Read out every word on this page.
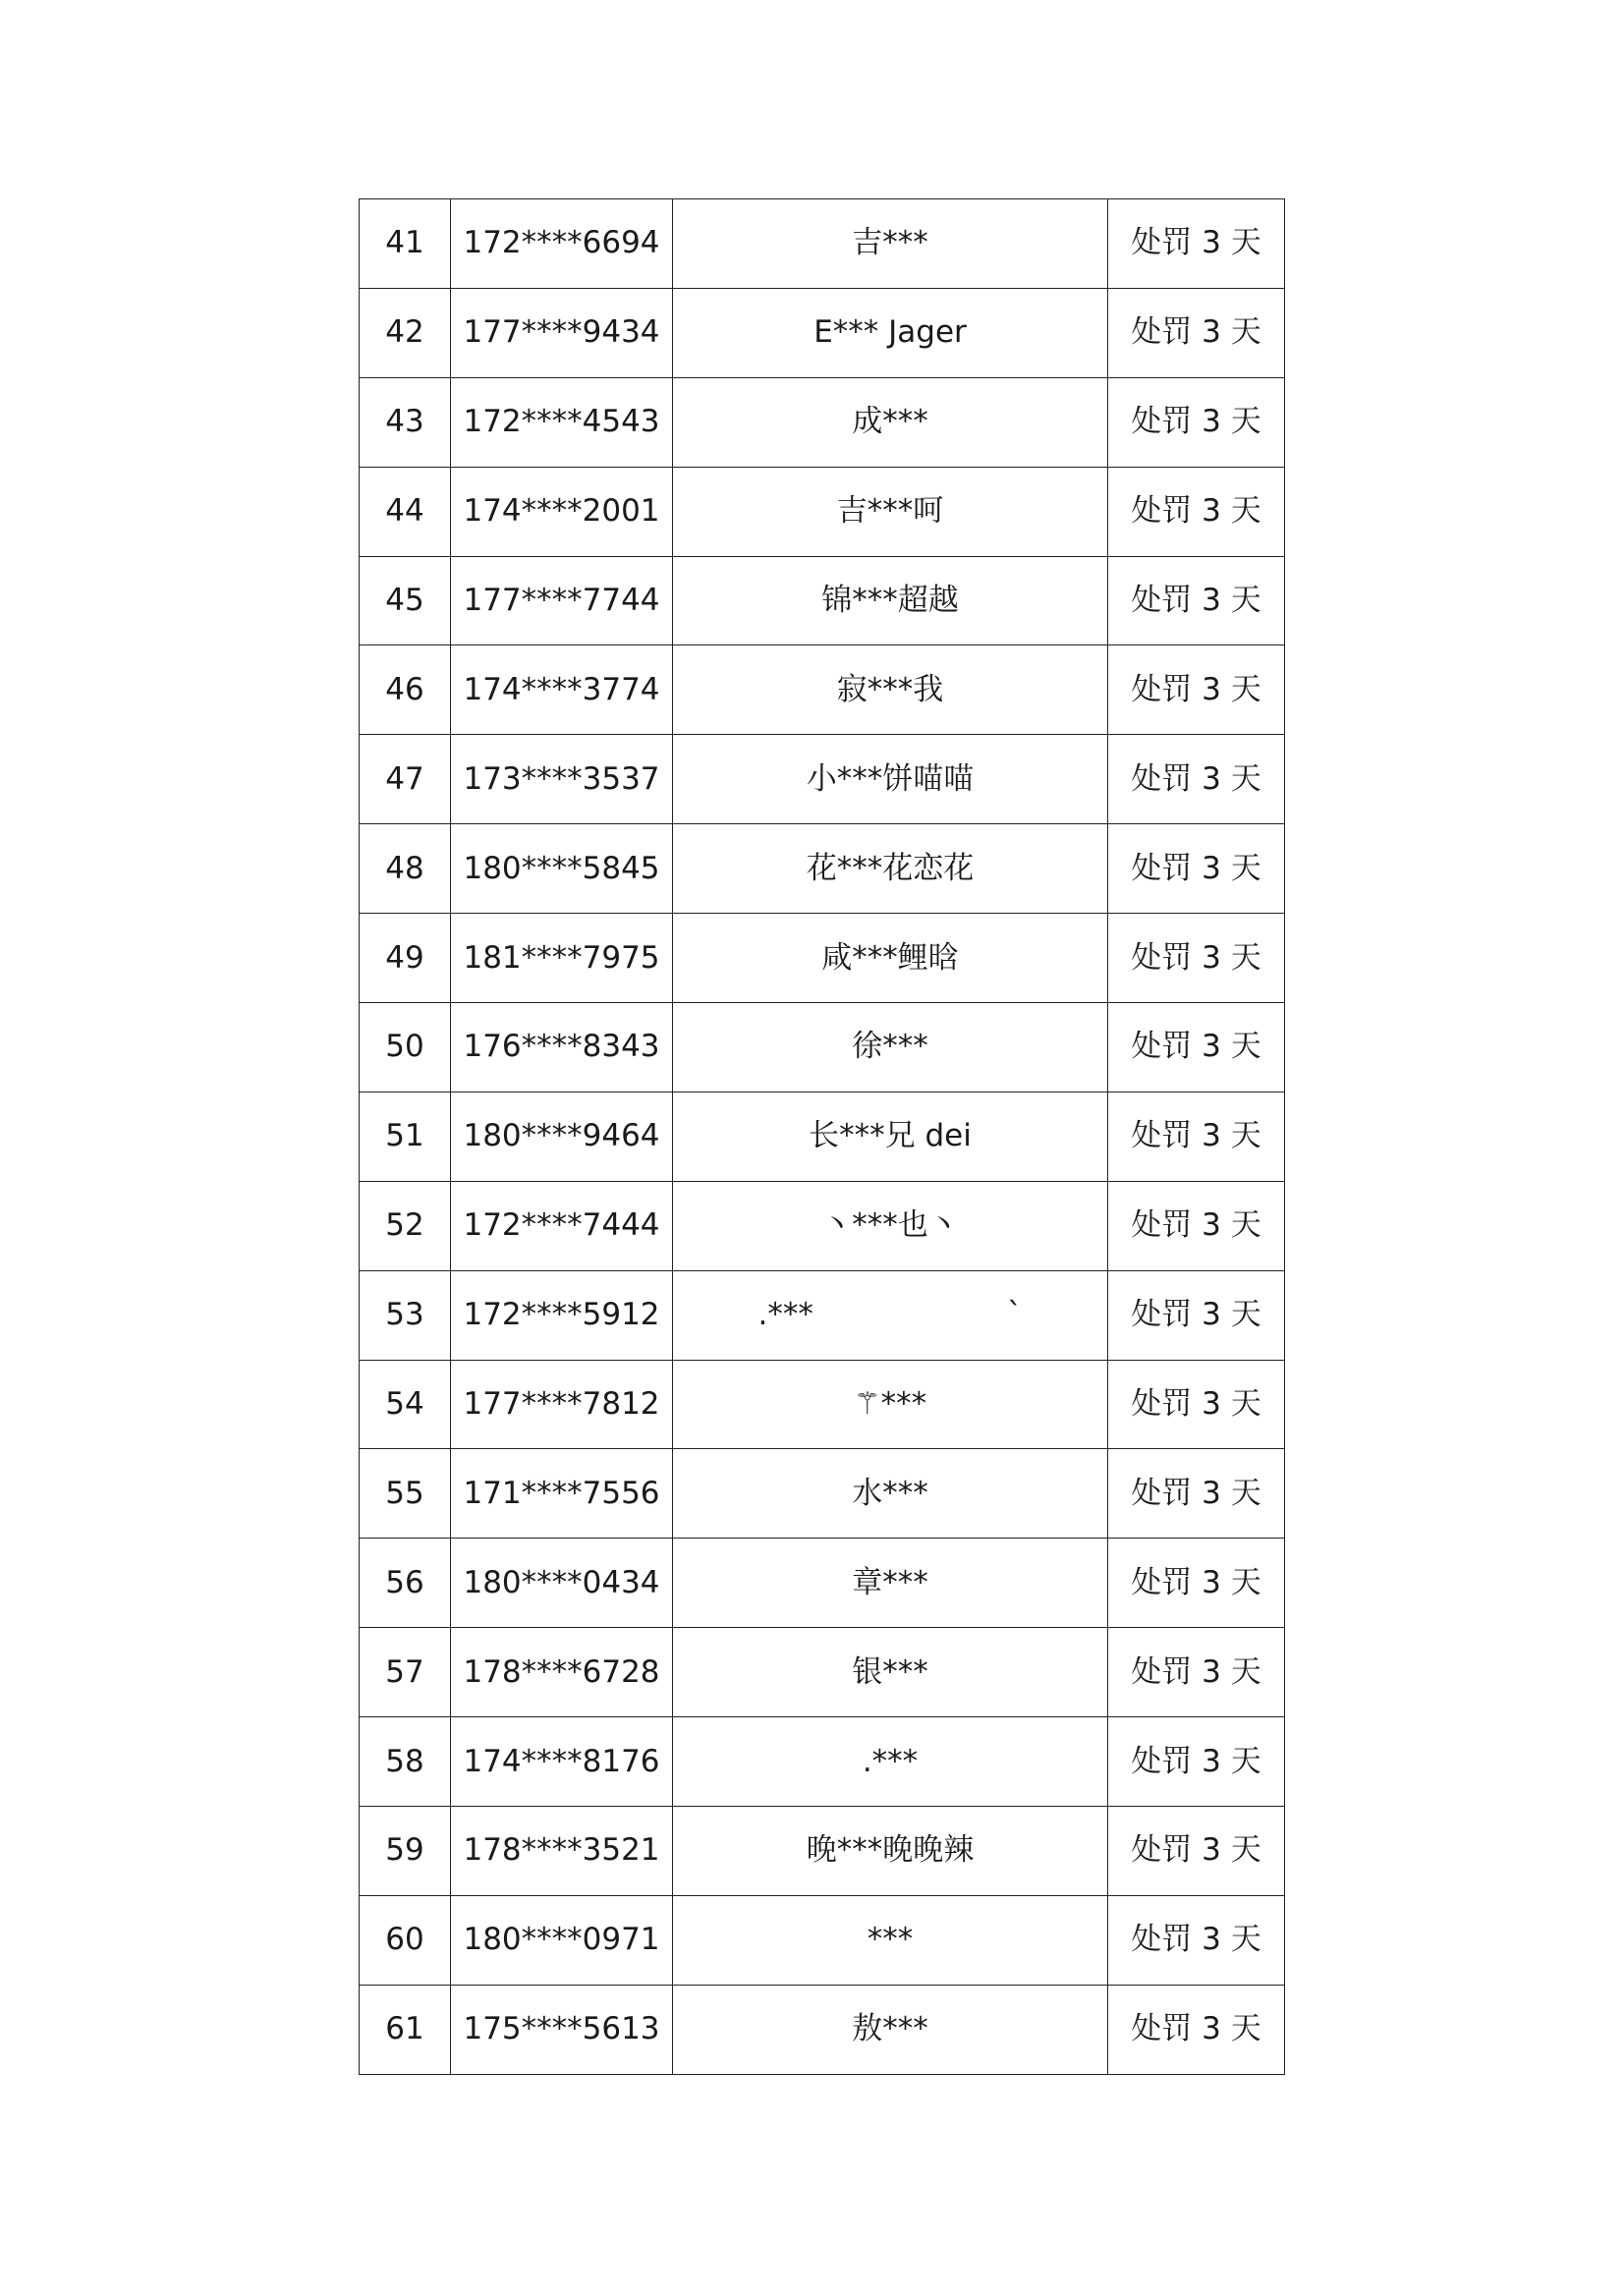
41	172****6694	吉***	处罚 3 天
42	177****9434	E*** Jager	处罚 3 天
43	172****4543	成***	处罚 3 天
44	174****2001	吉***呵	处罚 3 天
45	177****7744	锦***超越	处罚 3 天
46	174****3774	寂***我	处罚 3 天
47	173****3537	小***饼喵喵	处罚 3 天
48	180****5845	花***花恋花	处罚 3 天
49	181****7975	咸***鲤晗	处罚 3 天
50	176****8343	徐***	处罚 3 天
51	180****9464	长***兄 dei	处罚 3 天
52	172****7444	丶***也丶	处罚 3 天
53	172****5912	.***                    `	处罚 3 天
54	177****7812	⚚***	处罚 3 天
55	171****7556	水***	处罚 3 天
56	180****0434	章***	处罚 3 天
57	178****6728	银***	处罚 3 天
58	174****8176	.***	处罚 3 天
59	178****3521	晚***晚晚辣	处罚 3 天
60	180****0971	***	处罚 3 天
61	175****5613	敖***	处罚 3 天
